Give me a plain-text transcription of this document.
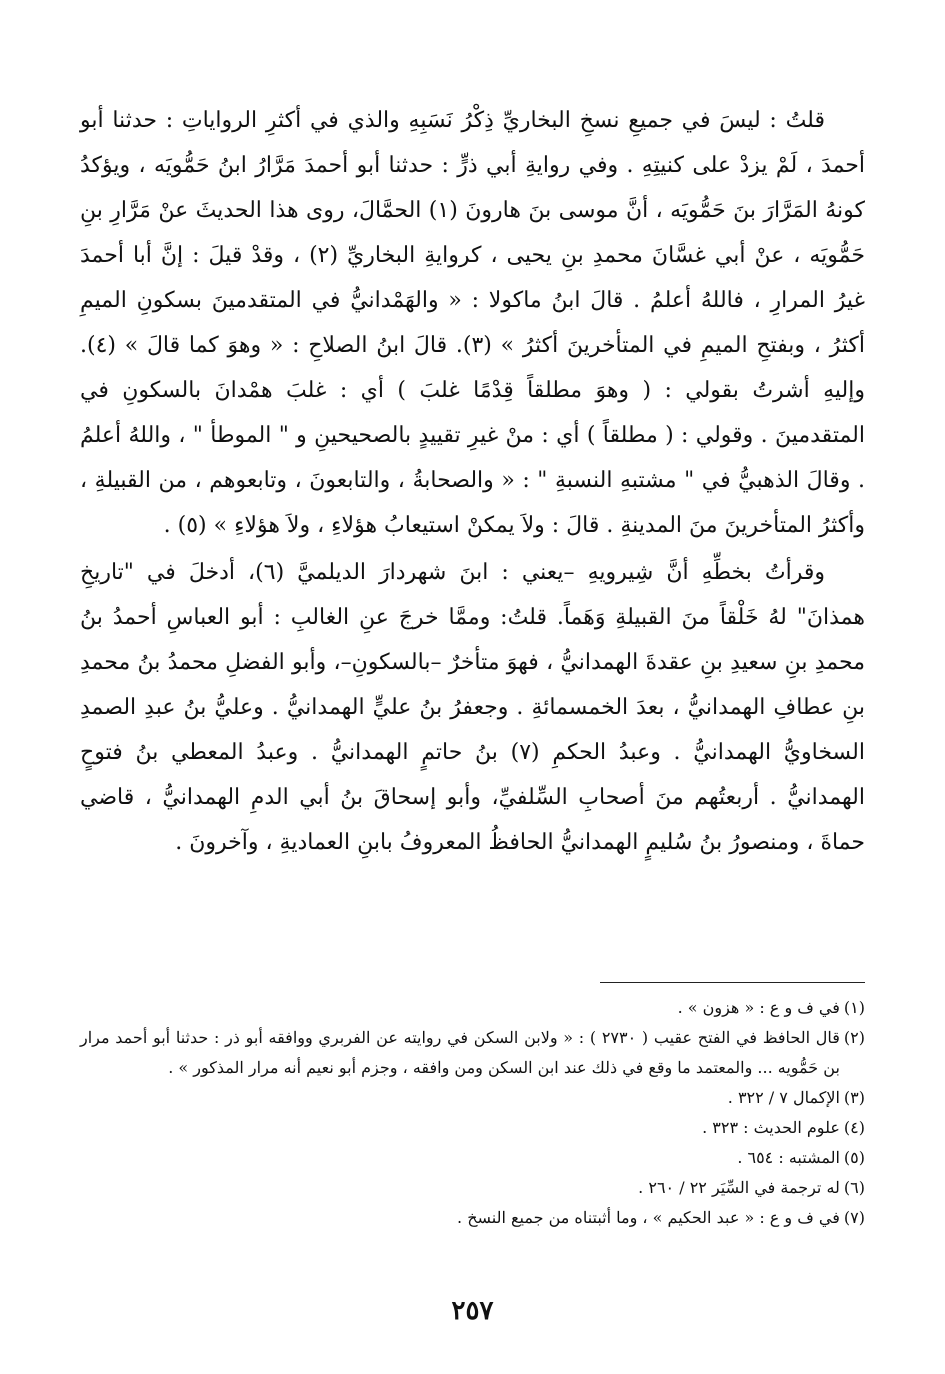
قلتُ : ليسَ في جميعِ نسخِ البخاريِّ ذِكْرُ نَسَبِهِ والذي في أكثرِ الرواياتِ : حدثنا أبو أحمدَ ، لَمْ يزدْ على كنيتِهِ . وفي روايةِ أبي ذرٍّ : حدثنا أبو أحمدَ مَرَّارُ ابنُ حَمُّويَه ، ويؤكدُ كونهُ المَرَّارَ بنَ حَمُّويَه ، أنَّ موسى بنَ هارونَ (١) الحمَّالَ، روى هذا الحديثَ عنْ مَرَّارِ بنِ حَمُّويَه ، عنْ أبي غسَّانَ محمدِ بنِ يحيى ، كروايةِ البخاريِّ (٢) ، وقدْ قيلَ : إنَّ أبا أحمدَ غيرُ المرارِ ، فاللهُ أعلمُ . قالَ ابنُ ماكولا : « والهَمْدانيُّ في المتقدمينَ بسكونِ الميمِ أكثرُ ، وبفتحِ الميمِ في المتأخرينَ أكثرُ » (٣). قالَ ابنُ الصلاحِ : « وهوَ كما قالَ » (٤). وإليهِ أشرتُ بقولي : ( وهوَ مطلقاً قِدْمًا غلبَ ) أي : غلبَ همْدانَ بالسكونِ في المتقدمينَ . وقولي : ( مطلقاً ) أي : منْ غيرِ تقييدٍ بالصحيحينِ و " الموطأ " ، واللهُ أعلمُ . وقالَ الذهبيُّ في " مشتبهِ النسبةِ " : « والصحابةُ ، والتابعونَ ، وتابعوهم ، من القبيلةِ ، وأكثرُ المتأخرينَ منَ المدينةِ . قالَ : ولاَ يمكنْ استيعابُ هؤلاءِ ، ولاَ هؤلاءِ » (٥) .

وقرأتُ بخطِّهِ أنَّ شِيرويهِ –يعني : ابنَ شهردارَ الديلميَّ (٦)، أدخلَ في "تاريخِ همذانَ" لهُ خَلْقاً منَ القبيلةِ وَهَماً. قلتُ: وممَّا خرجَ عنِ الغالبِ : أبو العباسِ أحمدُ بنُ محمدِ بنِ سعيدِ بنِ عقدةَ الهمدانيُّ ، فهوَ متأخرٌ –بالسكونِ–، وأبو الفضلِ محمدُ بنُ محمدِ بنِ عطافِ الهمدانيُّ ، بعدَ الخمسمائةِ . وجعفرُ بنُ عليٍّ الهمدانيُّ . وعليُّ بنُ عبدِ الصمدِ السخاويُّ الهمدانيُّ . وعبدُ الحكمِ (٧) بنُ حاتمٍ الهمدانيُّ . وعبدُ المعطي بنُ فتوحٍ الهمدانيُّ . أربعتُهم منَ أصحابِ السِّلفيِّ، وأبو إسحاقَ بنُ أبي الدمِ الهمدانيُّ ، قاضي حماةَ ، ومنصورُ بنُ سُليمٍ الهمدانيُّ الحافظُ المعروفُ بابنِ العماديةِ ، وآخرونَ .

(١)
في ف و ع : « هزون » .
(٢)
قال الحافظ في الفتح عقيب ( ٢٧٣٠ ) : « ولابن السكن في روايته عن الفربري ووافقه أبو ذر : حدثنا أبو أحمد مرار بن حَمُّويه ... والمعتمد ما وقع في ذلك عند ابن السكن ومن وافقه ، وجزم أبو نعيم أنه مرار المذكور » .
(٣)
الإكمال ٧ / ٣٢٢ .
(٤)
علوم الحديث : ٣٢٣ .
(٥)
المشتبه : ٦٥٤ .
(٦)
له ترجمة في السِّيَر ٢٢ / ٢٦٠ .
(٧)
في ف و ع : « عبد الحكيم » ، وما أثبتناه من جميع النسخ .
٢٥٧
